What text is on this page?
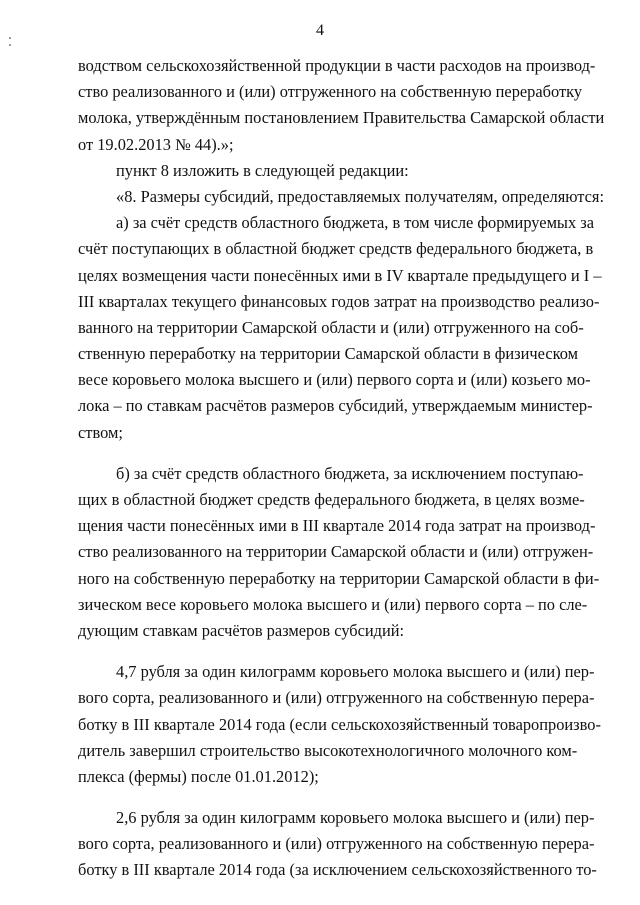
4
водством сельскохозяйственной продукции в части расходов на производ-
ство реализованного и (или) отгруженного на собственную переработку
молока, утверждённым постановлением Правительства Самарской области
от 19.02.2013 № 44).»;
пункт 8 изложить в следующей редакции:
«8. Размеры субсидий, предоставляемых получателям, определяются:
а) за счёт средств областного бюджета, в том числе формируемых за
счёт поступающих в областной бюджет средств федерального бюджета, в
целях возмещения части понесённых ими в IV квартале предыдущего и I –
III кварталах текущего финансовых годов затрат на производство реализо-
ванного на территории Самарской области и (или) отгруженного на соб-
ственную переработку на территории Самарской области в физическом
весе коровьего молока высшего и (или) первого сорта и (или) козьего мо-
лока – по ставкам расчётов размеров субсидий, утверждаемым министер-
ством;
б) за счёт средств областного бюджета, за исключением поступаю-
щих в областной бюджет средств федерального бюджета, в целях возме-
щения части понесённых ими в III квартале 2014 года затрат на производ-
ство реализованного на территории Самарской области и (или) отгружен-
ного на собственную переработку на территории Самарской области в фи-
зическом весе коровьего молока высшего и (или) первого сорта – по сле-
дующим ставкам расчётов размеров субсидий:
4,7 рубля за один килограмм коровьего молока высшего и (или) пер-
вого сорта, реализованного и (или) отгруженного на собственную перера-
ботку в III квартале 2014 года (если сельскохозяйственный товаропроизво-
дитель завершил строительство высокотехнологичного молочного ком-
плекса (фермы) после 01.01.2012);
2,6 рубля за один килограмм коровьего молока высшего и (или) пер-
вого сорта, реализованного и (или) отгруженного на собственную перера-
ботку в III квартале 2014 года (за исключением сельскохозяйственного то-
